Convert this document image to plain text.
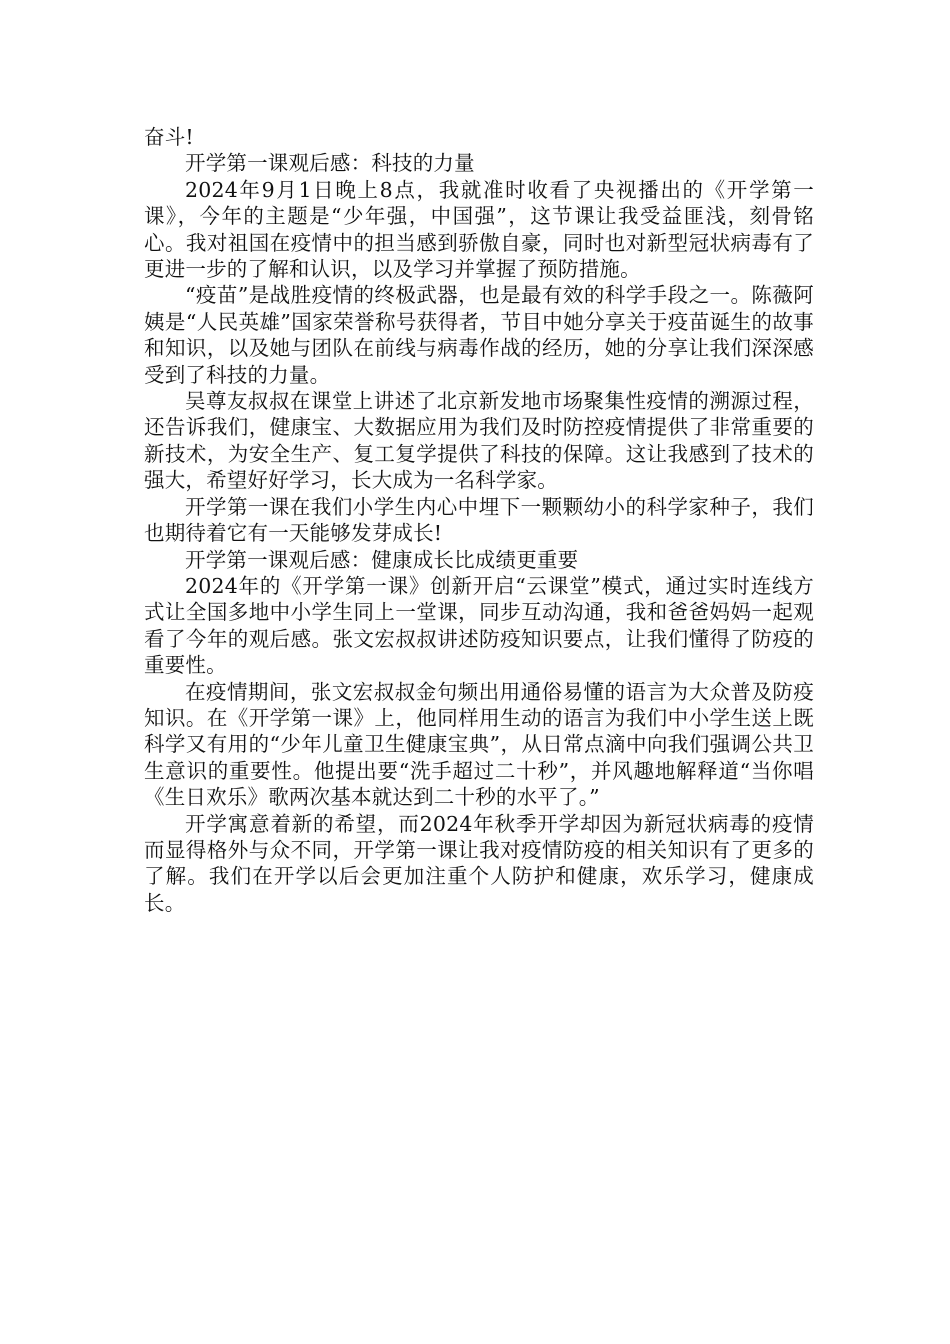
奋斗!

开学第一课观后感：科技的力量

2024年9月1日晚上8点，我就准时收看了央视播出的《开学第一课》，今年的主题是“少年强，中国强”，这节课让我受益匪浅，刻骨铭心。我对祖国在疫情中的担当感到骄傲自豪，同时也对新型冠状病毒有了更进一步的了解和认识，以及学习并掌握了预防措施。

“疫苗”是战胜疫情的终极武器，也是最有效的科学手段之一。陈薇阿姨是“人民英雄”国家荣誉称号获得者，节目中她分享关于疫苗诞生的故事和知识，以及她与团队在前线与病毒作战的经历，她的分享让我们深深感受到了科技的力量。

吴尊友叔叔在课堂上讲述了北京新发地市场聚集性疫情的溯源过程，还告诉我们，健康宝、大数据应用为我们及时防控疫情提供了非常重要的新技术，为安全生产、复工复学提供了科技的保障。这让我感到了技术的强大，希望好好学习，长大成为一名科学家。

开学第一课在我们小学生内心中埋下一颗颗幼小的科学家种子，我们也期待着它有一天能够发芽成长!

开学第一课观后感：健康成长比成绩更重要

2024年的《开学第一课》创新开启“云课堂”模式，通过实时连线方式让全国多地中小学生同上一堂课，同步互动沟通，我和爸爸妈妈一起观看了今年的观后感。张文宏叔叔讲述防疫知识要点，让我们懂得了防疫的重要性。

在疫情期间，张文宏叔叔金句频出用通俗易懂的语言为大众普及防疫知识。在《开学第一课》上，他同样用生动的语言为我们中小学生送上既科学又有用的“少年儿童卫生健康宝典”，从日常点滴中向我们强调公共卫生意识的重要性。他提出要“洗手超过二十秒”，并风趣地解释道“当你唱《生日欢乐》歌两次基本就达到二十秒的水平了。”

开学寓意着新的希望，而2024年秋季开学却因为新冠状病毒的疫情而显得格外与众不同，开学第一课让我对疫情防疫的相关知识有了更多的了解。我们在开学以后会更加注重个人防护和健康，欢乐学习，健康成长。
